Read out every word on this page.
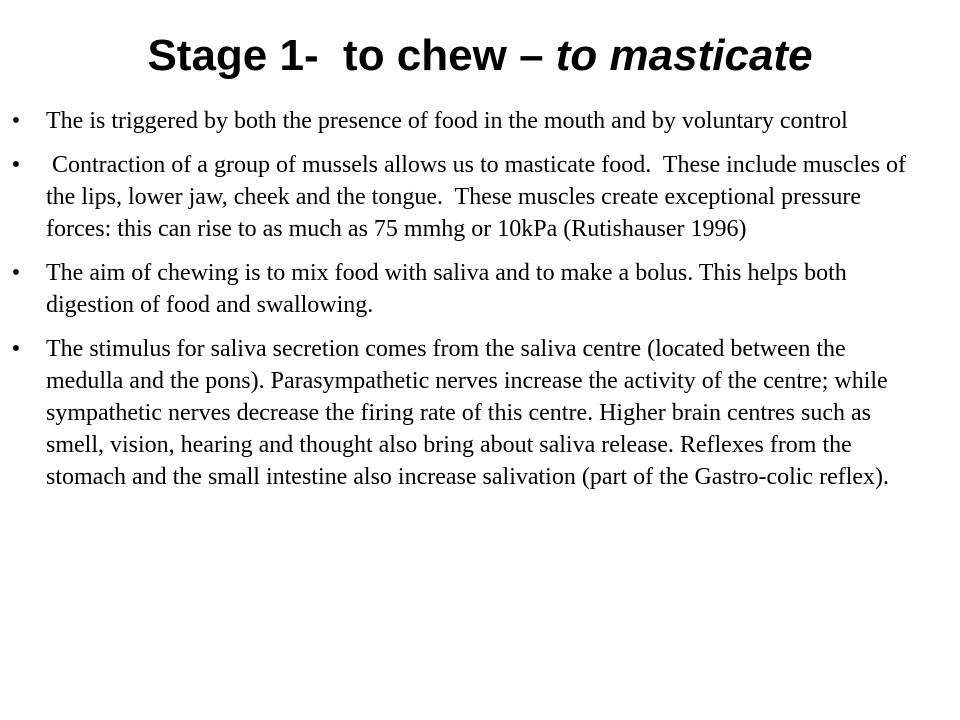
Stage 1-  to chew – to masticate
• The is triggered by both the presence of food in the mouth and by voluntary control
• Contraction of a group of mussels allows us to masticate food.  These include muscles of the lips, lower jaw, cheek and the tongue.  These muscles create exceptional pressure forces: this can rise to as much as 75 mmhg or 10kPa (Rutishauser 1996)
• The aim of chewing is to mix food with saliva and to make a bolus. This helps both digestion of food and swallowing.
• The stimulus for saliva secretion comes from the saliva centre (located between the medulla and the pons). Parasympathetic nerves increase the activity of the centre; while sympathetic nerves decrease the firing rate of this centre. Higher brain centres such as smell, vision, hearing and thought also bring about saliva release. Reflexes from the stomach and the small intestine also increase salivation (part of the Gastro-colic reflex).
